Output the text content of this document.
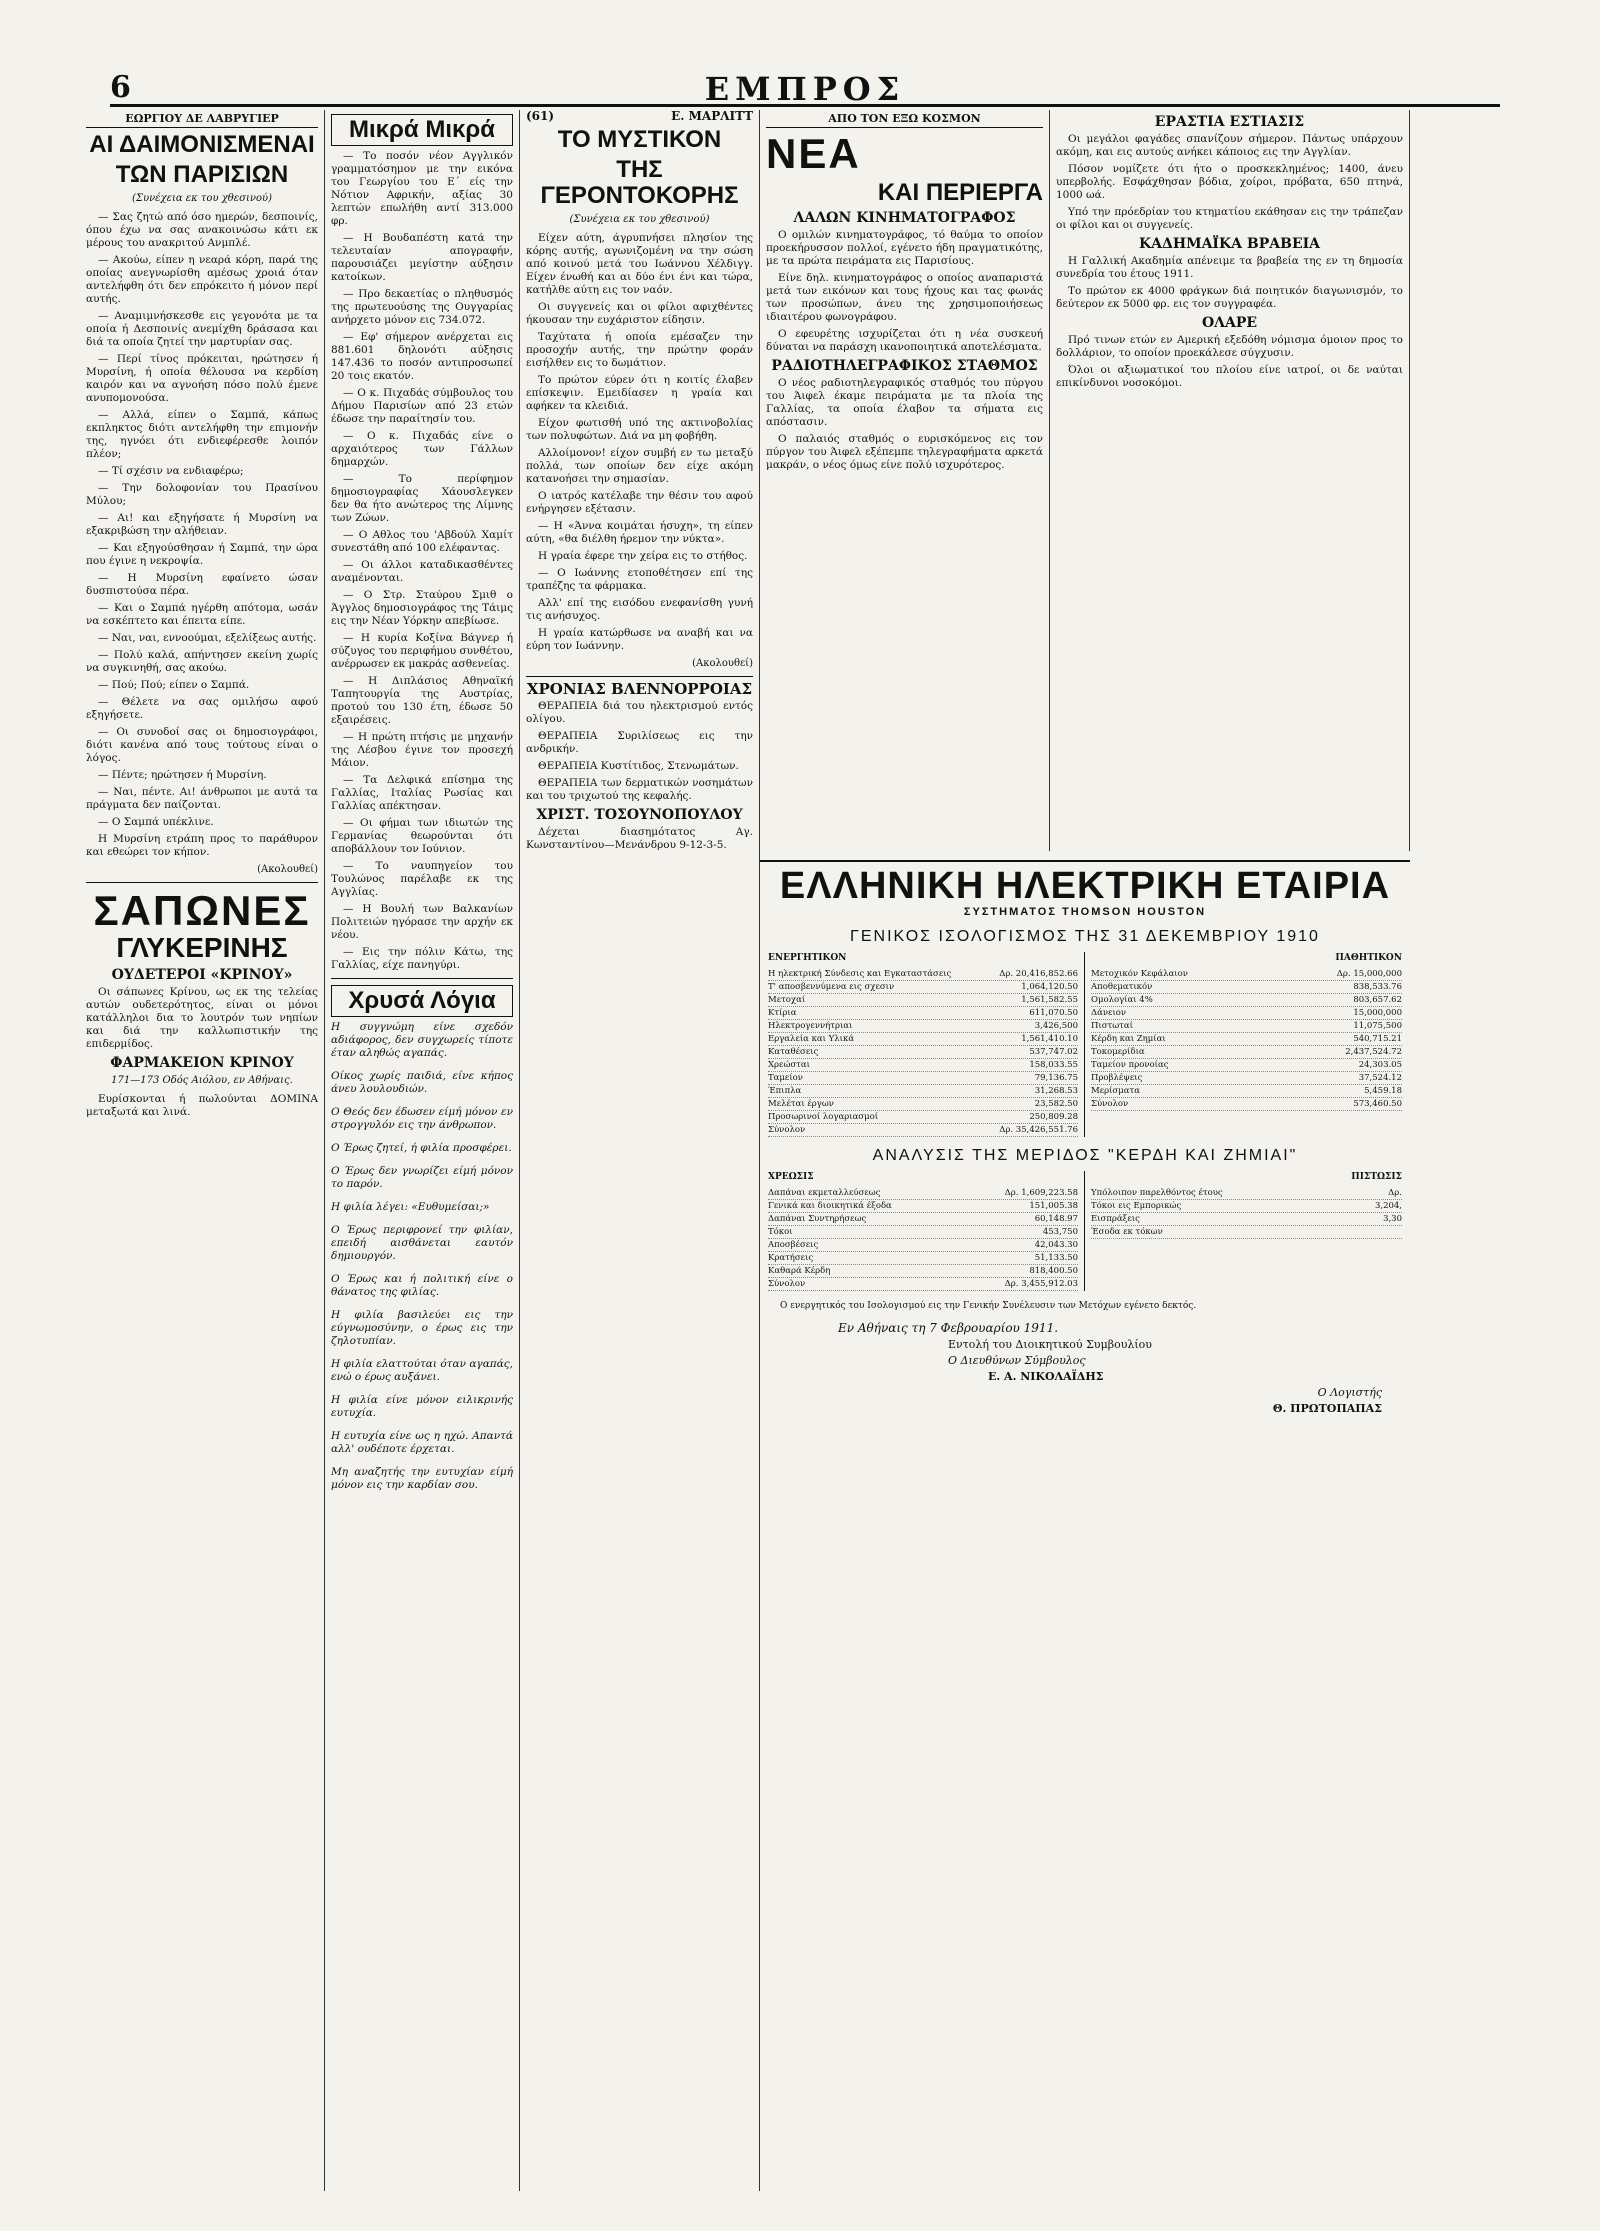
6	ΕΜΠΡΟΣ
ΕΩΡΓΙΟΥ ΔΕ ΛΑΒΡΥΓΙΕΡ
ΑΙ ΔΑΙΜΟΝΙΣΜΕΝΑΙ
ΤΩΝ ΠΑΡΙΣΙΩΝ
(Συνέχεια εκ του χθεσινού)

— Σας ζητώ από όσο ημερών, δεσποινίς, όπου έχω να σας ανακοινώσω κάτι εκ μέρους του ανακριτού Ανμπλέ.

— Ακούω, είπεν η νεαρά κόρη, παρά της οποίας ανεγνωρίσθη αμέσως χροιά όταν αντελήφθη ότι δεν επρόκειτο ή μόνον περί αυτής.

— Αναμιμνήσκεσθε εις γεγονότα με τα οποία ή Δεσποινίς ανεμίχθη δράσασα και διά τα οποία ζητεί την μαρτυρίαν σας.

— Περί τίνος πρόκειται, ηρώτησεν ή Μυρσίνη, ή οποία θέλουσα να κερδίση καιρόν και να αγνοήση πόσο πολύ έμενε ανυπομονούσα.

— Αλλά, είπεν ο Σαμπά, κάπως εκπληκτος διότι αντελήφθη την επιμονήν της, ηγνόει ότι ενδιεφέρεσθε λοιπόν πλέον;

— Τί σχέσιν να ενδιαφέρω;

— Την δολοφονίαν του Πρασίνου Μύλου;

— Αι! και εξηγήσατε ή Μυρσίνη να εξακριβώση την αλήθειαν.

— Και εξηγούσθησαν ή Σαμπά, την ώρα που έγινε η νεκροψία.

— Η Μυρσίνη εφαίνετο ώσαν δυσπιστούσα πέρα.

— Και ο Σαμπά ηγέρθη απότομα, ωσάν να εσκέπτετο και έπειτα είπε.

— Ναι, ναι, εννοούμαι, εξελίξεως αυτής.

— Πολύ καλά, απήντησεν εκείνη χωρίς να συγκινηθή, σας ακούω.

— Πού; Πού; είπεν ο Σαμπά.

— Θέλετε να σας ομιλήσω αφού εξηγήσετε.

— Οι συνοδοί σας οι δημοσιογράφοι, διότι κανένα από τους τούτους είναι ο λόγος.

— Πέντε; ηρώτησεν ή Μυρσίνη.

— Ναι, πέντε. Αι! άνθρωποι με αυτά τα πράγματα δεν παίζονται.

— Ο Σαμπά υπέκλινε.

Η Μυρσίνη ετράπη προς το παράθυρον και εθεώρει τον κήπον.

(Ακολουθεί)
ΣΑΠΩΝΕΣ
ΓΛΥΚΕΡΙΝΗΣ
ΟΥΔΕΤΕΡΟΙ «ΚΡΙΝΟΥ»

Οι σάπωνες Κρίνου, ως εκ της τελείας αυτών ουδετερότητος, είναι οι μόνοι κατάλληλοι δια το λουτρόν των νηπίων και διά την καλλωπιστικήν της επιδερμίδος.

ΦΑΡΜΑΚΕΙΟΝ ΚΡΙΝΟΥ
171—173 Οδός Αιόλου, εν Αθήναις.

Ευρίσκονται ή πωλούνται ΔΟΜΙΝΑ μεταξωτά και λινά.

Μικρά Μικρά

— Το ποσόν νέον Αγγλικόν γραμματόσημον με την εικόνα του Γεωργίου του Ε΄ είς την Νότιον Αφρικήν, αξίας 30 λεπτών επωλήθη αντί 313.000 φρ.

— Η Βουδαπέστη κατά την τελευταίαν απογραφήν, παρουσιάζει μεγίστην αύξησιν κατοίκων.

— Προ δεκαετίας ο πληθυσμός της πρωτευούσης της Ουγγαρίας ανήρχετο μόνον εις 734.072.

— Εφ' σήμερον ανέρχεται εις 881.601 δηλονότι αύξησις 147.436 το ποσόν αντιπροσωπεί 20 τοις εκατόν.

— Ο κ. Πιχαδάς σύμβουλος του Δήμου Παρισίων από 23 ετών έδωσε την παραίτησίν του.

— Ο κ. Πιχαδάς είνε ο αρχαιότερος των Γάλλων δημαρχών.

— Το περίφημον δημοσιογραφίας Χάουσλεγκεν δεν θα ήτο ανώτερος της Λίμνης των Ζώων.

— Ο Αθλος του 'Αβδούλ Χαμίτ συνεστάθη από 100 ελέφαντας.

— Οι άλλοι καταδικασθέντες αναμένονται.

— Ο Στρ. Σταύρου Σμιθ ο Άγγλος δημοσιογράφος της Τάιμς εις την Νέαν Υόρκην απεβίωσε.

— Η κυρία Κοξίνα Βάγνερ ή σύζυγος του περιφήμου συνθέτου, ανέρρωσεν εκ μακράς ασθενείας.

— Η Διπλάσιος Αθηναϊκή Ταπητουργία της Αυστρίας, προτού του 130 έτη, έδωσε 50 εξαιρέσεις.

— Η πρώτη πτήσις με μηχανήν της Λέσβου έγινε τον προσεχή Μάιον.

— Τα Δελφικά επίσημα της Γαλλίας, Ιταλίας Ρωσίας και Γαλλίας απέκτησαν.

— Οι φήμαι των ιδιωτών της Γερμανίας θεωρούνται ότι αποβάλλουν τον Ιούνιον.

— Το ναυπηγείον του Τουλώνος παρέλαβε εκ της Αγγλίας.

— Η Βουλή των Βαλκανίων Πολιτειών ηγόρασε την αρχήν εκ νέου.

— Εις την πόλιν Κάτω, της Γαλλίας, είχε πανηγύρι.

Χρυσά Λόγια

Η συγγνώμη είνε σχεδόν αδιάφορος, δεν συγχωρείς τίποτε έταν αληθώς αγαπάς.

Οίκος χωρίς παιδιά, είνε κήπος άνευ λουλουδιών.

Ο Θεός δεν έδωσεν είμή μόνον εν στρογγυλόν εις την άνθρωπον.

Ο Έρως ζητεί, ή φιλία προσφέρει.

Ο Έρως δεν γνωρίζει είμή μόνον το παρόν.

Η φιλία λέγει: «Ευθυμείσαι;»

Ο Έρως περιφρονεί την φιλίαν, επειδή αισθάνεται εαυτόν δημιουργόν.

Ο Έρως και ή πολιτική είνε ο θάνατος της φιλίας.

Η φιλία βασιλεύει εις την εύγνωμοσύνην, ο έρως εις την ζηλοτυπίαν.

Η φιλία ελαττούται όταν αγαπάς, ενώ ο έρως αυξάνει.

Η φιλία είνε μόνον ειλικρινής ευτυχία.

Η ευτυχία είνε ως η ηχώ. Απαντά αλλ' ουδέποτε έρχεται.

Μη αναζητής την ευτυχίαν είμή μόνον εις την καρδίαν σου.

(61)	Ε. ΜΑΡΛΙΤΤ
ΤΟ ΜΥΣΤΙΚΟΝ
ΤΗΣ ΓΕΡΟΝΤΟΚΟΡΗΣ
(Συνέχεια εκ του χθεσινού)

Είχεν αύτη, άγρυπνήσει πλησίον της κόρης αυτής, αγωνιζομένη να την σώση από κοινού μετά του Ιωάννου Χέλδιγγ. Είχεν ένωθή και αι δύο ένι ένι και τώρα, κατήλθε αύτη εις τον ναόν.

Οι συγγενείς και οι φίλοι αφιχθέντες ήκουσαν την ευχάριστον είδησιν.

Ταχύτατα ή οποία εμέσαζεν την προσοχήν αυτής, την πρώτην φοράν εισήλθεν εις το δωμάτιον.

Το πρώτον εύρεν ότι η κοιτίς έλαβεν επίσκεψιν. Εμειδίασεν η γραία και αφήκεν τα κλειδιά.

Είχον φωτισθή υπό της ακτινοβολίας των πολυφώτων. Διά να μη φοβήθη.

Αλλοίμονον! είχον συμβή εν τω μεταξύ πολλά, των οποίων δεν είχε ακόμη κατανοήσει την σημασίαν.

Ο ιατρός κατέλαβε την θέσιν του αφού ενήργησεν εξέτασιν.

— Η «Άννα κοιμάται ήσυχη», τη είπεν αύτη, «θα διέλθη ήρεμον την νύκτα».

Η γραία έφερε την χείρα εις το στήθος.

— Ο Ιωάννης ετοποθέτησεν επί της τραπέζης τα φάρμακα.

Αλλ' επί της εισόδου ενεφανίσθη γυνή τις ανήσυχος.

Η γραία κατώρθωσε να αναβή και να εύρη τον Ιωάννην.

(Ακολουθεί)
ΧΡΟΝΙΑΣ ΒΛΕΝΝΟΡΡΟΙΑΣ

ΘΕΡΑΠΕΙΑ διά του ηλεκτρισμού εντός ολίγου.

ΘΕΡΑΠΕΙΑ Συριλίσεως εις την ανδρικήν.

ΘΕΡΑΠΕΙΑ Κυστίτιδος, Στενωμάτων.

ΘΕΡΑΠΕΙΑ των δερματικών νοσημάτων και του τριχωτού της κεφαλής.

ΧΡΙΣΤ. ΤΟΣΟΥΝΟΠΟΥΛΟΥ

Δέχεται διασημότατος Αγ. Κωνσταντίνου—Μενάνδρου 9-12-3-5.

ΑΠΟ ΤΟΝ ΕΞΩ ΚΟΣΜΟΝ
ΝΕΑ
ΚΑΙ ΠΕΡΙΕΡΓΑ
ΛΑΛΩΝ ΚΙΝΗΜΑΤΟΓΡΑΦΟΣ

Ο ομιλών κινηματογράφος, τό θαύμα το οποίον προεκήρυσσον πολλοί, εγένετο ήδη πραγματικότης, με τα πρώτα πειράματα εις Παρισίους.

Είνε δηλ. κινηματογράφος ο οποίος αναπαριστά μετά των εικόνων και τους ήχους και τας φωνάς των προσώπων, άνευ της χρησιμοποιήσεως ιδιαιτέρου φωνογράφου.

Ο εφευρέτης ισχυρίζεται ότι η νέα συσκευή δύναται να παράσχη ικανοποιητικά αποτελέσματα.

ΡΑΔΙΟΤΗΛΕΓΡΑΦΙΚΟΣ ΣΤΑΘΜΟΣ

Ο νέος ραδιοτηλεγραφικός σταθμός του πύργου του Άιφελ έκαμε πειράματα με τα πλοία της Γαλλίας, τα οποία έλαβον τα σήματα εις απόστασιν.

Ο παλαιός σταθμός ο ευρισκόμενος εις τον πύργον του Άιφελ εξέπεμπε τηλεγραφήματα αρκετά μακράν, ο νέος όμως είνε πολύ ισχυρότερος.

ΕΡΑΣΤΙΑ ΕΣΤΙΑΣΙΣ

Οι μεγάλοι φαγάδες σπανίζουν σήμερον. Πάντως υπάρχουν ακόμη, και εις αυτούς ανήκει κάποιος εις την Αγγλίαν.

Πόσον νομίζετε ότι ήτο ο προσκεκλημένος; 1400, άνευ υπερβολής. Εσφάχθησαν βόδια, χοίροι, πρόβατα, 650 πτηνά, 1000 ωά.

Υπό την πρόεδρίαν του κτηματίου εκάθησαν εις την τράπεζαν οι φίλοι και οι συγγενείς.

ΚΑΔΗΜΑΪΚΑ ΒΡΑΒΕΙΑ

Η Γαλλική Ακαδημία απένειμε τα βραβεία της εν τη δημοσία συνεδρία του έτους 1911.

Το πρώτον εκ 4000 φράγκων διά ποιητικόν διαγωνισμόν, το δεύτερον εκ 5000 φρ. εις τον συγγραφέα.

ΟΛΑΡΕ

Πρό τινων ετών εν Αμερική εξεδόθη νόμισμα όμοιον προς το δολλάριον, το οποίον προεκάλεσε σύγχυσιν.

Όλοι οι αξιωματικοί του πλοίου είνε ιατροί, οι δε ναύται επικίνδυνοι νοσοκόμοι.

ΕΛΛΗΝΙΚΗ ΗΛΕΚΤΡΙΚΗ ΕΤΑΙΡΙΑ
ΣΥΣΤΗΜΑΤΟΣ THOMSON HOUSTON
ΓΕΝΙΚΟΣ ΙΣΟΛΟΓΙΣΜΟΣ ΤΗΣ 31 ΔΕΚΕΜΒΡΙΟΥ 1910
ΕΝΕΡΓΗΤΙΚΟΝ
Η ηλεκτρική Σύνδεσις και Εγκαταστάσεις	Δρ. 20,416,852.66
Τ' αποσβεννύμενα εις σχεσιν	1,064,120.50
Μετοχαί	1,561,582.55
Κτίρια	611,070.50
Ηλεκτρογεννήτριαι	3,426,500
Εργαλεία και Υλικά	1,561,410.10
Καταθέσεις	537,747.02
Χρεώσται	158,033.55
Ταμείον	79,136.75
Έπιπλα	31,268.53
Μελέται έργων	23,582.50
Προσωρινοί λογαριασμοί	250,809.28
Σύνολον	Δρ. 35,426,551.76
ΠΑΘΗΤΙΚΟΝ
Μετοχικόν Κεφάλαιον	Δρ. 15,000,000
Αποθεματικόν	838,533.76
Ομολογίαι 4%	803,657.62
Δάνειον	15,000,000
Πιστωταί	11,075,500
Κέρδη και Ζημίαι	540,715.21
Τοκομερίδια	2,437,524.72
Ταμείον προνοίας	24,303.05
Προβλέψεις	37,524.12
Μερίσματα	5,459.18
Σύνολον	573,460.50
ΑΝΑΛΥΣΙΣ ΤΗΣ ΜΕΡΙΔΟΣ "ΚΕΡΔΗ ΚΑΙ ΖΗΜΙΑΙ"
ΧΡΕΩΣΙΣ
Δαπάναι εκμεταλλεύσεως	Δρ. 1,609,223.58
Γενικά και διοικητικά έξοδα	151,005.38
Δαπάναι Συντηρήσεως	60,148.97
Τόκοι	453,750
Αποσβέσεις	42,043.30
Κρατήσεις	51,133.50
Καθαρά Κέρδη	818,400.50
Σύνολον	Δρ. 3,455,912.03
ΠΙΣΤΩΣΙΣ
Υπόλοιπον παρελθόντος έτους	Δρ.
Τόκοι εις Εμπορικώς	3,204,
Εισπράξεις	3,30
Έσοδα εκ τόκων

Ο ενεργητικός του Ισολογισμού εις την Γενικήν Συνέλευσιν των Μετόχων εγένετο δεκτός.

Εν Αθήναις τη 7 Φεβρουαρίου 1911.
Εντολή του Διοικητικού Συμβουλίου
Ο Διευθύνων Σύμβουλος
Ε. Α. ΝΙΚΟΛΑΪΔΗΣ
Ο Λογιστής
Θ. ΠΡΩΤΟΠΑΠΑΣ
